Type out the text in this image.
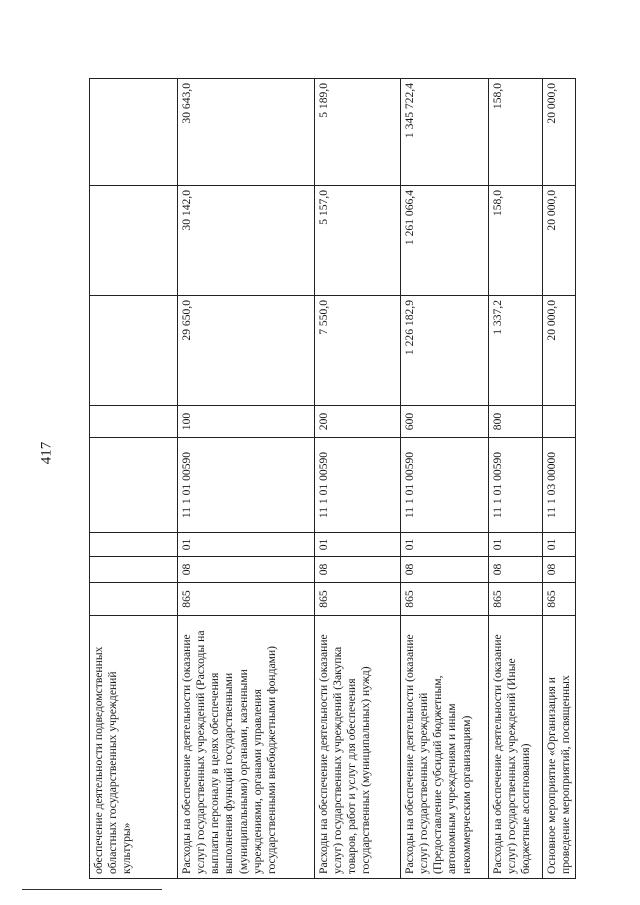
417
обеспечение деятельности подведомственных областных государственных учреждений культуры»								
Расходы на обеспечение деятельности (оказание услуг) государственных учреждений (Расходы на выплаты персоналу в целях обеспечения выполнения функций государственными (муниципальными) органами, казенными учреждениями, органами управления государственными внебюджетными фондами)	865	08	01	11 1 01 00590	100	29 650,0	30 142,0	30 643,0
Расходы на обеспечение деятельности (оказание услуг) государственных учреждений (Закупка товаров, работ и услуг для обеспечения государственных (муниципальных) нужд)	865	08	01	11 1 01 00590	200	7 550,0	5 157,0	5 189,0
Расходы на обеспечение деятельности (оказание услуг) государственных учреждений (Предоставление субсидий бюджетным, автономным учреждениям и иным некоммерческим организациям)	865	08	01	11 1 01 00590	600	1 226 182,9	1 261 066,4	1 345 722,4
Расходы на обеспечение деятельности (оказание услуг) государственных учреждений (Иные бюджетные ассигнования)	865	08	01	11 1 01 00590	800	1 337,2	158,0	158,0
Основное мероприятие «Организация и проведение мероприятий, посвященных	865	08	01	11 1 03 00000		20 000,0	20 000,0	20 000,0
